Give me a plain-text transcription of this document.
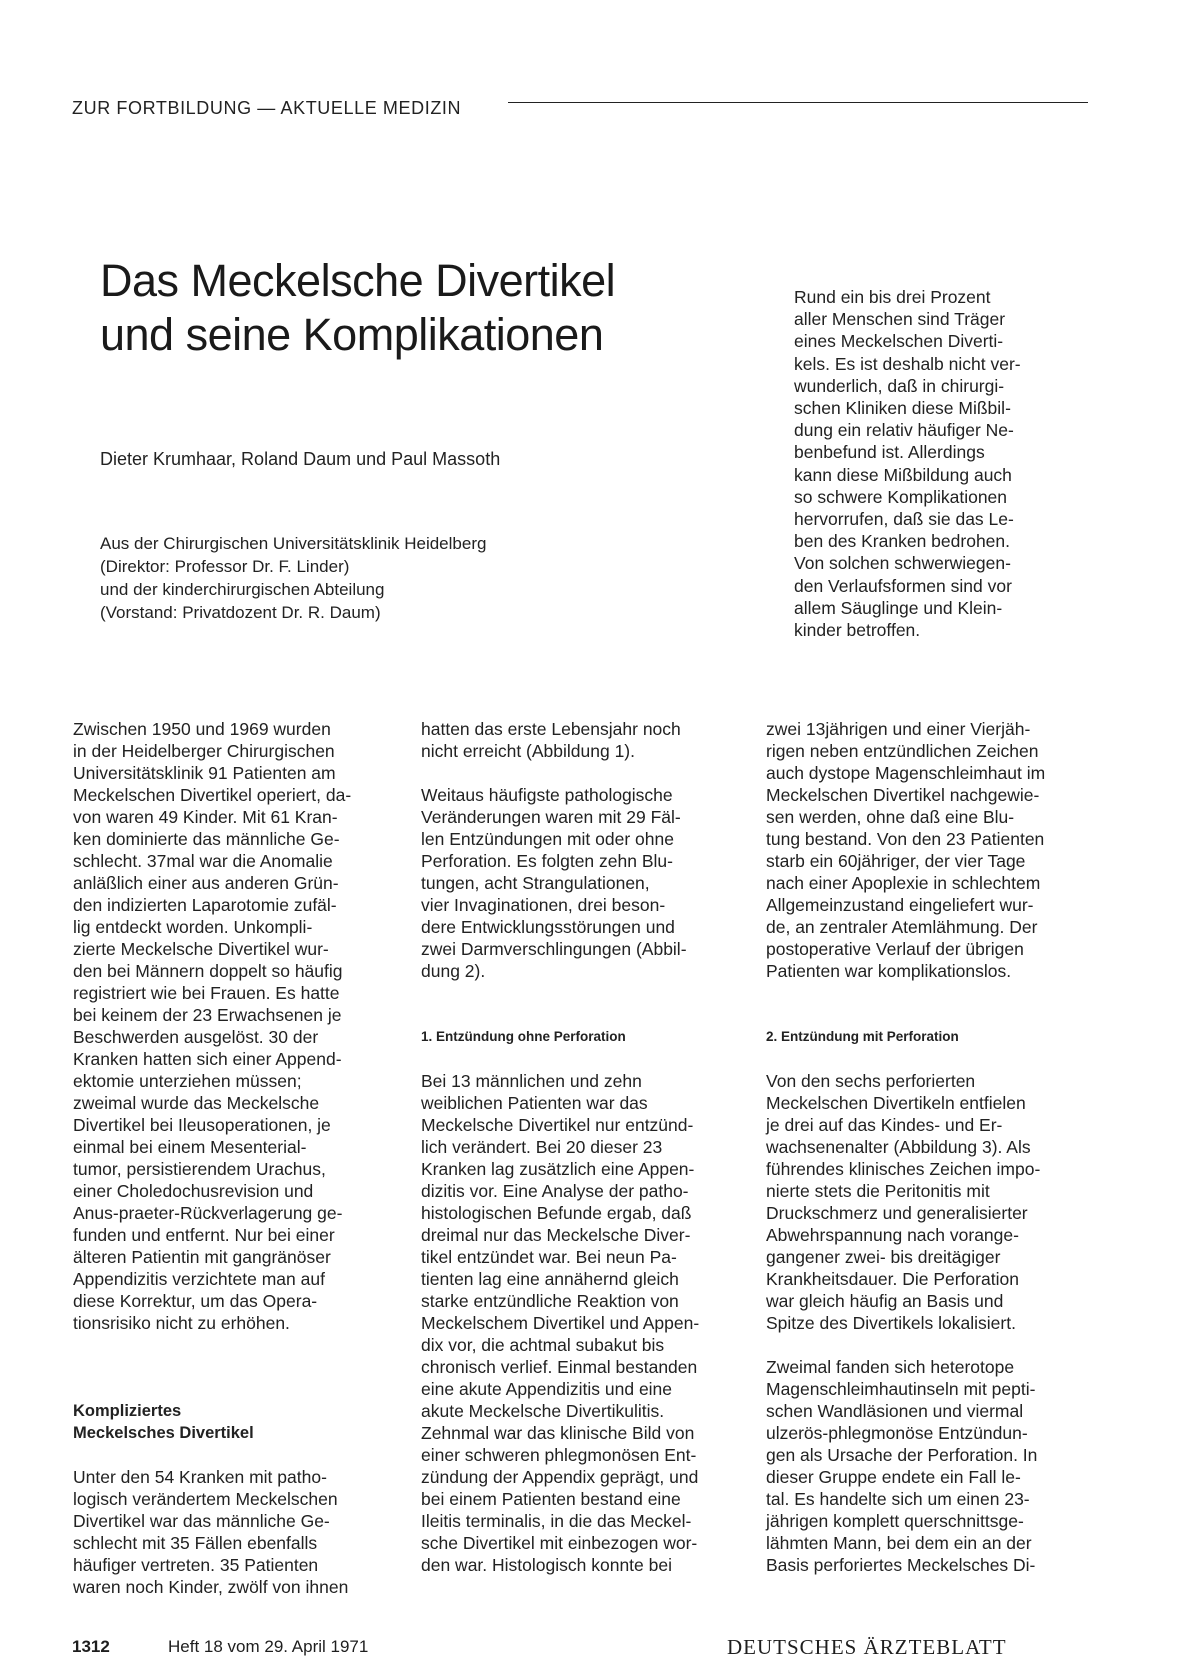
ZUR FORTBILDUNG — AKTUELLE MEDIZIN
Das Meckelsche Divertikel
und seine Komplikationen
Dieter Krumhaar, Roland Daum und Paul Massoth
Aus der Chirurgischen Universitätsklinik Heidelberg
(Direktor: Professor Dr. F. Linder)
und der kinderchirurgischen Abteilung
(Vorstand: Privatdozent Dr. R. Daum)
Rund ein bis drei Prozent
aller Menschen sind Träger
eines Meckelschen Diverti-
kels. Es ist deshalb nicht ver-
wunderlich, daß in chirurgi-
schen Kliniken diese Mißbil-
dung ein relativ häufiger Ne-
benbefund ist. Allerdings
kann diese Mißbildung auch
so schwere Komplikationen
hervorrufen, daß sie das Le-
ben des Kranken bedrohen.
Von solchen schwerwiegen-
den Verlaufsformen sind vor
allem Säuglinge und Klein-
kinder betroffen.
Zwischen 1950 und 1969 wurden
in der Heidelberger Chirurgischen
Universitätsklinik 91 Patienten am
Meckelschen Divertikel operiert, da-
von waren 49 Kinder. Mit 61 Kran-
ken dominierte das männliche Ge-
schlecht. 37mal war die Anomalie
anläßlich einer aus anderen Grün-
den indizierten Laparotomie zufäl-
lig entdeckt worden. Unkompli-
zierte Meckelsche Divertikel wur-
den bei Männern doppelt so häufig
registriert wie bei Frauen. Es hatte
bei keinem der 23 Erwachsenen je
Beschwerden ausgelöst. 30 der
Kranken hatten sich einer Append-
ektomie unterziehen müssen;
zweimal wurde das Meckelsche
Divertikel bei Ileusoperationen, je
einmal bei einem Mesenterial-
tumor, persistierendem Urachus,
einer Choledochusrevision und
Anus-praeter-Rückverlagerung ge-
funden und entfernt. Nur bei einer
älteren Patientin mit gangränöser
Appendizitis verzichtete man auf
diese Korrektur, um das Opera-
tionsrisiko nicht zu erhöhen.
Kompliziertes
Meckelsches Divertikel
Unter den 54 Kranken mit patho-
logisch verändertem Meckelschen
Divertikel war das männliche Ge-
schlecht mit 35 Fällen ebenfalls
häufiger vertreten. 35 Patienten
waren noch Kinder, zwölf von ihnen
hatten das erste Lebensjahr noch
nicht erreicht (Abbildung 1).
Weitaus häufigste pathologische
Veränderungen waren mit 29 Fäl-
len Entzündungen mit oder ohne
Perforation. Es folgten zehn Blu-
tungen, acht Strangulationen,
vier Invaginationen, drei beson-
dere Entwicklungsstörungen und
zwei Darmverschlingungen (Abbil-
dung 2).
1. Entzündung ohne Perforation
Bei 13 männlichen und zehn
weiblichen Patienten war das
Meckelsche Divertikel nur entzünd-
lich verändert. Bei 20 dieser 23
Kranken lag zusätzlich eine Appen-
dizitis vor. Eine Analyse der patho-
histologischen Befunde ergab, daß
dreimal nur das Meckelsche Diver-
tikel entzündet war. Bei neun Pa-
tienten lag eine annähernd gleich
starke entzündliche Reaktion von
Meckelschem Divertikel und Appen-
dix vor, die achtmal subakut bis
chronisch verlief. Einmal bestanden
eine akute Appendizitis und eine
akute Meckelsche Divertikulitis.
Zehnmal war das klinische Bild von
einer schweren phlegmonösen Ent-
zündung der Appendix geprägt, und
bei einem Patienten bestand eine
Ileitis terminalis, in die das Meckel-
sche Divertikel mit einbezogen wor-
den war. Histologisch konnte bei
zwei 13jährigen und einer Vierjäh-
rigen neben entzündlichen Zeichen
auch dystope Magenschleimhaut im
Meckelschen Divertikel nachgewie-
sen werden, ohne daß eine Blu-
tung bestand. Von den 23 Patienten
starb ein 60jähriger, der vier Tage
nach einer Apoplexie in schlechtem
Allgemeinzustand eingeliefert wur-
de, an zentraler Atemlähmung. Der
postoperative Verlauf der übrigen
Patienten war komplikationslos.
2. Entzündung mit Perforation
Von den sechs perforierten
Meckelschen Divertikeln entfielen
je drei auf das Kindes- und Er-
wachsenenalter (Abbildung 3). Als
führendes klinisches Zeichen impo-
nierte stets die Peritonitis mit
Druckschmerz und generalisierter
Abwehrspannung nach vorange-
gangener zwei- bis dreitägiger
Krankheitsdauer. Die Perforation
war gleich häufig an Basis und
Spitze des Divertikels lokalisiert.
Zweimal fanden sich heterotope
Magenschleimhautinseln mit pepti-
schen Wandläsionen und viermal
ulzerös-phlegmonöse Entzündun-
gen als Ursache der Perforation. In
dieser Gruppe endete ein Fall le-
tal. Es handelte sich um einen 23-
jährigen komplett querschnittsge-
lähmten Mann, bei dem ein an der
Basis perforiertes Meckelsches Di-
1312	Heft 18 vom 29. April 1971	DEUTSCHES ÄRZTEBLATT
